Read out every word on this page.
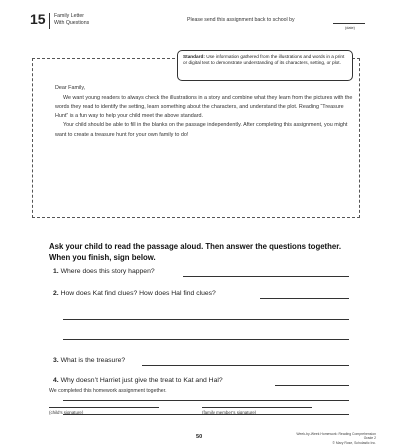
15 Family Letter With Questions	Please send this assignment back to school by
(date)
Standard: Use information gathered from the illustrations and words in a print or digital text to demonstrate understanding of its characters, setting, or plot.

Dear Family,

We want young readers to always check the illustrations in a story and combine what they learn from the pictures with the words they read to identify the setting, learn something about the characters, and understand the plot. Reading “Treasure Hunt” is a fun way to help your child meet the above standard.

Your child should be able to fill in the blanks on the passage independently. After completing this assignment, you might want to create a treasure hunt for your own family to do!

Ask your child to read the passage aloud. Then answer the questions together. When you finish, sign below.
1. Where does this story happen?
2. How does Kat find clues? How does Hal find clues?
3. What is the treasure?
4. Why doesn’t Harriet just give the treat to Kat and Hal?
We completed this homework assignment together.
(child’s signature)	(family member’s signature)
50	Week-by-Week Homework: Reading Comprehension Grade 2
© Mary Rose, Scholastic Inc.
